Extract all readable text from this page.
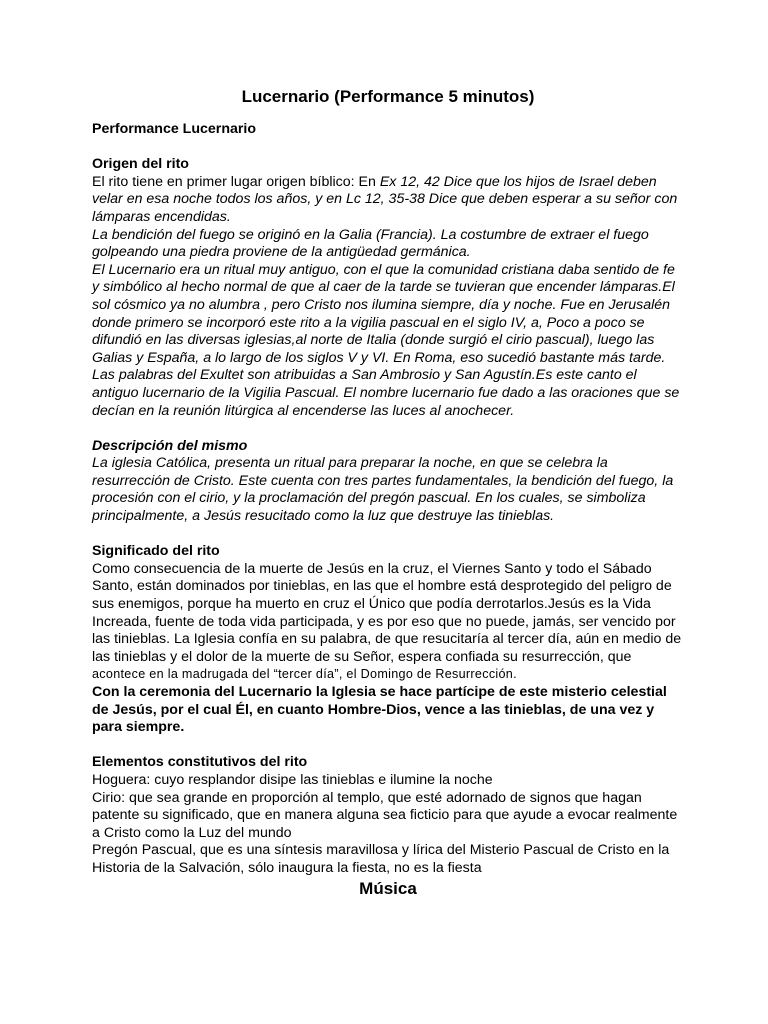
Lucernario (Performance 5 minutos)

Performance Lucernario

Origen del rito

El rito tiene en primer lugar origen bíblico: En Ex 12, 42 Dice que los hijos de Israel deben velar en esa noche todos los años, y en Lc 12, 35-38 Dice que deben esperar a su señor con lámparas encendidas.

La bendición del fuego se originó en la Galia (Francia). La costumbre de extraer el fuego golpeando una piedra proviene de la antigüedad germánica.

El Lucernario era un ritual muy antiguo, con el que la comunidad cristiana daba sentido de fe y simbólico al hecho normal de que al caer de la tarde se tuvieran que encender lámparas.El sol cósmico ya no alumbra , pero Cristo nos ilumina siempre, día y noche. Fue en Jerusalén donde primero se incorporó este rito a la vigilia pascual en el siglo IV, a, Poco a poco se difundió en las diversas iglesias,al norte de Italia (donde surgió el cirio pascual), luego las Galias y España, a lo largo de los siglos V y VI. En Roma, eso sucedió bastante más tarde.

Las palabras del Exultet son atribuidas a San Ambrosio y San Agustín.Es este canto el antiguo lucernario de la Vigilia Pascual. El nombre lucernario fue dado a las oraciones que se decían en la reunión litúrgica al encenderse las luces al anochecer.

Descripción del mismo

La iglesia Católica, presenta un ritual para preparar la noche, en que se celebra la resurrección de Cristo. Este cuenta con tres partes fundamentales, la bendición del fuego, la procesión con el cirio, y la proclamación del pregón pascual. En los cuales, se simboliza principalmente, a Jesús resucitado como la luz que destruye las tinieblas.

Significado del rito

Como consecuencia de la muerte de Jesús en la cruz, el Viernes Santo y todo el Sábado Santo, están dominados por tinieblas, en las que el hombre está desprotegido del peligro de sus enemigos, porque ha muerto en cruz el Único que podía derrotarlos.Jesús es la Vida Increada, fuente de toda vida participada, y es por eso que no puede, jamás, ser vencido por las tinieblas. La Iglesia confía en su palabra, de que resucitaría al tercer día, aún en medio de las tinieblas y el dolor de la muerte de su Señor, espera confiada su resurrección, que acontece en la madrugada del “tercer día”, el Domingo de Resurrección.

Con la ceremonia del Lucernario la Iglesia se hace partícipe de este misterio celestial de Jesús, por el cual Él, en cuanto Hombre-Dios, vence a las tinieblas, de una vez y para siempre.

Elementos constitutivos del rito

Hoguera: cuyo resplandor disipe las tinieblas e ilumine la noche

Cirio: que sea grande en proporción al templo, que esté adornado de signos que hagan patente su significado, que en manera alguna sea ficticio para que ayude a evocar realmente a Cristo como la Luz del mundo

Pregón Pascual, que es una síntesis maravillosa y lírica del Misterio Pascual de Cristo en la Historia de la Salvación, sólo inaugura la fiesta, no es la fiesta

Música
